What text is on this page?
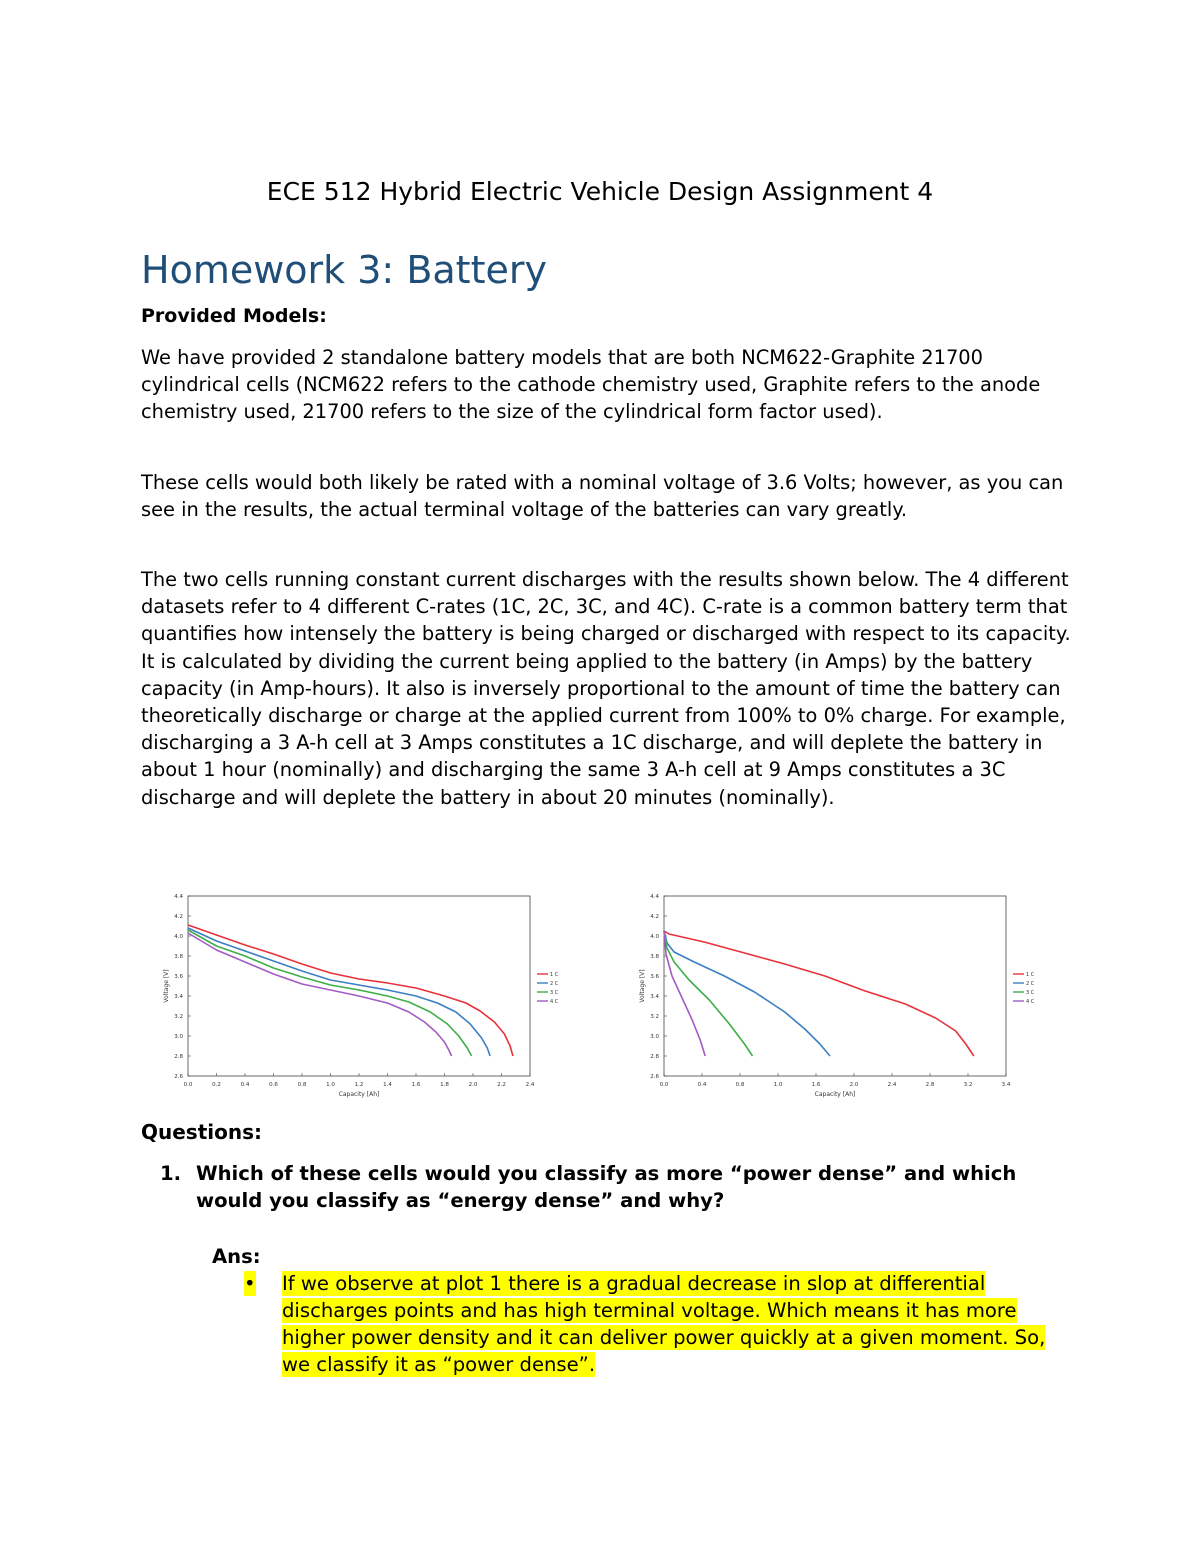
ECE 512 Hybrid Electric Vehicle Design Assignment 4
Homework 3: Battery
Provided Models:

We have provided 2 standalone battery models that are both NCM622-Graphite 21700 cylindrical cells (NCM622 refers to the cathode chemistry used, Graphite refers to the anode chemistry used, 21700 refers to the size of the cylindrical form factor used).

These cells would both likely be rated with a nominal voltage of 3.6 Volts; however, as you can see in the results, the actual terminal voltage of the batteries can vary greatly.

The two cells running constant current discharges with the results shown below. The 4 different datasets refer to 4 different C-rates (1C, 2C, 3C, and 4C). C-rate is a common battery term that quantifies how intensely the battery is being charged or discharged with respect to its capacity. It is calculated by dividing the current being applied to the battery (in Amps) by the battery capacity (in Amp-hours). It also is inversely proportional to the amount of time the battery can theoretically discharge or charge at the applied current from 100% to 0% charge. For example, discharging a 3 A-h cell at 3 Amps constitutes a 1C discharge, and will deplete the battery in about 1 hour (nominally) and discharging the same 3 A-h cell at 9 Amps constitutes a 3C discharge and will deplete the battery in about 20 minutes (nominally).

2.6
2.8
3.0
3.2
3.4
3.6
3.8
4.0
4.2
4.4
0.0	0.2	0.4	0.6	0.8	1.0	1.2	1.4	1.6	1.8	2.0	2.2	2.4
Capacity [Ah]
Voltage [V]	1 C
2 C
3 C
4 C
2.6
2.8
3.0
3.2
3.4
3.6
3.8
4.0
4.2
4.4
0.0	0.4	0.8	1.0	1.6	2.0	2.4	2.8	3.2	3.4
Capacity [Ah]
Voltage [V]	1 C
2 C
3 C
4 C
Questions:
1. Which of these cells would you classify as more “power dense” and which would you classify as “energy dense” and why?
Ans:
• If we observe at plot 1 there is a gradual decrease in slop at differential discharges points and has high terminal voltage. Which means it has more higher power density and it can deliver power quickly at a given moment. So, we classify it as “power dense”.
